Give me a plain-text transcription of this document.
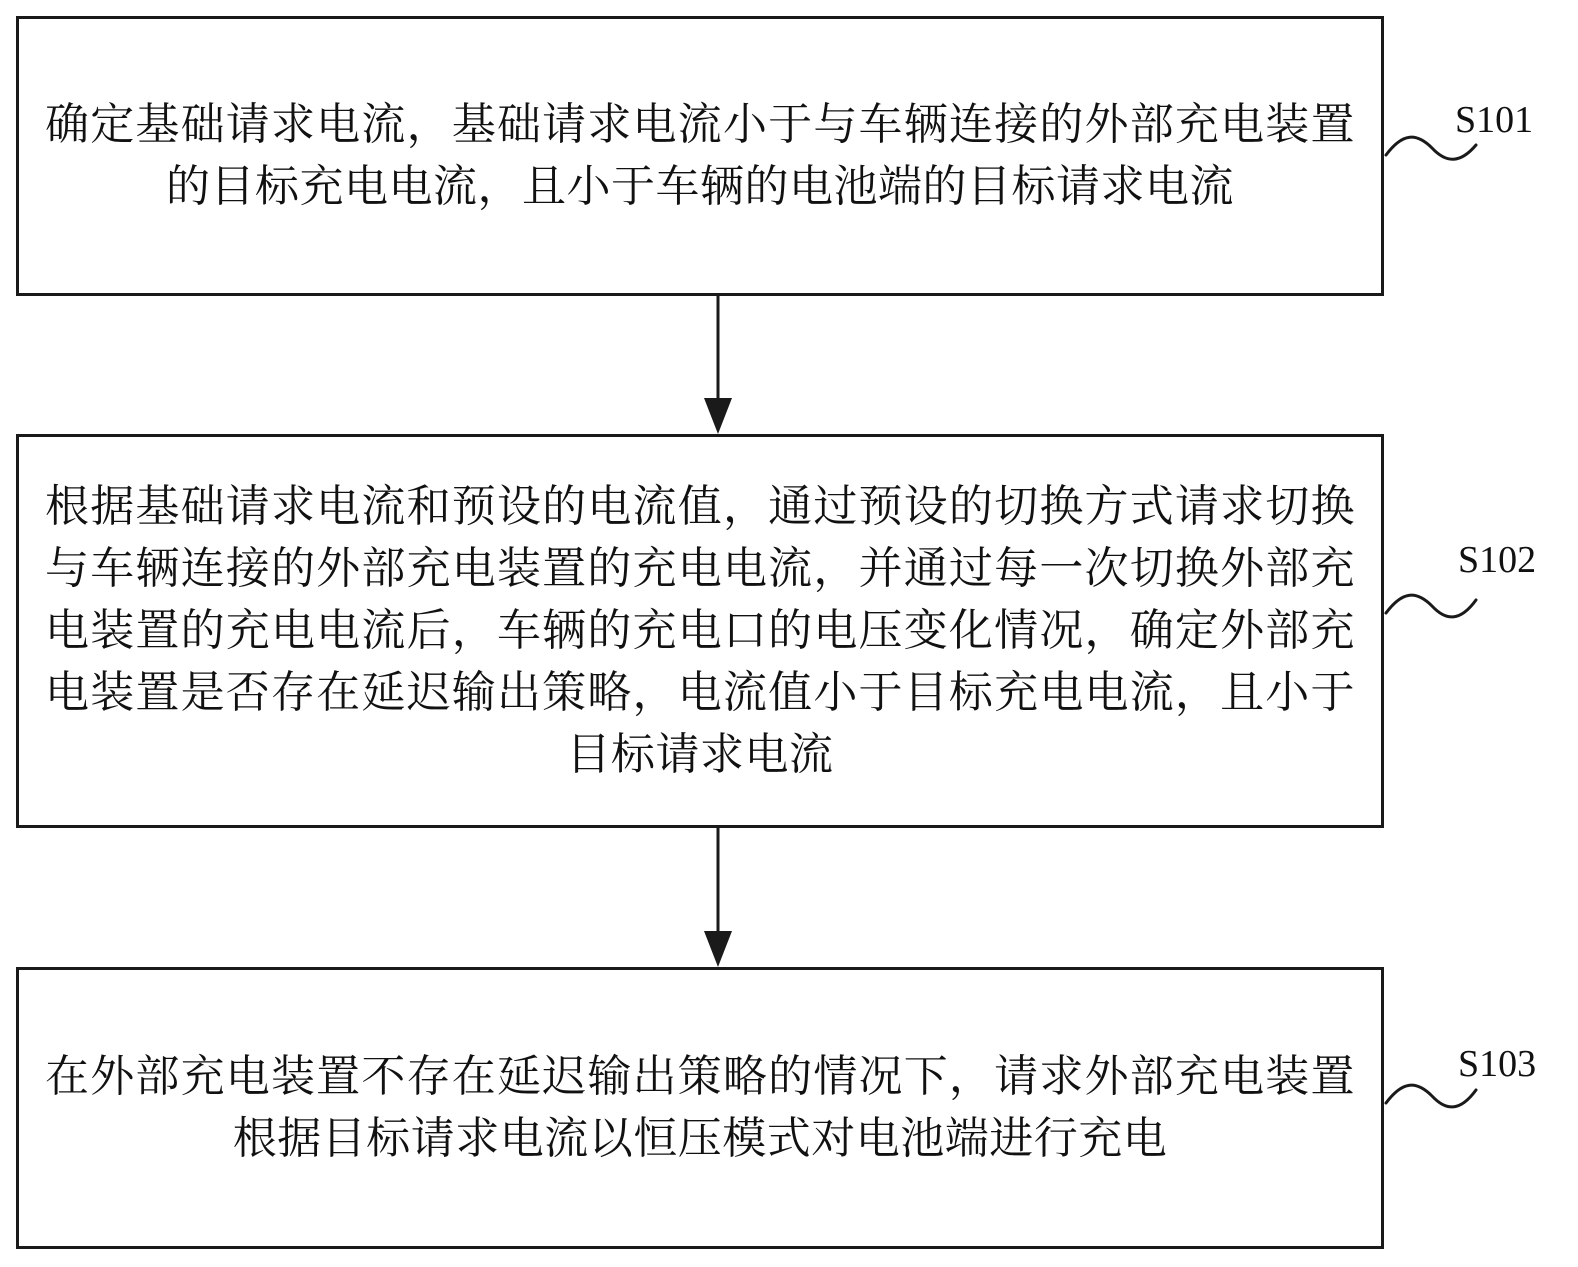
确定基础请求电流，基础请求电流小于与车辆连接的外部充电装置的目标充电电流，且小于车辆的电池端的目标请求电流
根据基础请求电流和预设的电流值，通过预设的切换方式请求切换与车辆连接的外部充电装置的充电电流，并通过每一次切换外部充电装置的充电电流后，车辆的充电口的电压变化情况，确定外部充电装置是否存在延迟输出策略，电流值小于目标充电电流，且小于目标请求电流
在外部充电装置不存在延迟输出策略的情况下，请求外部充电装置根据目标请求电流以恒压模式对电池端进行充电
S101
S102
S103
